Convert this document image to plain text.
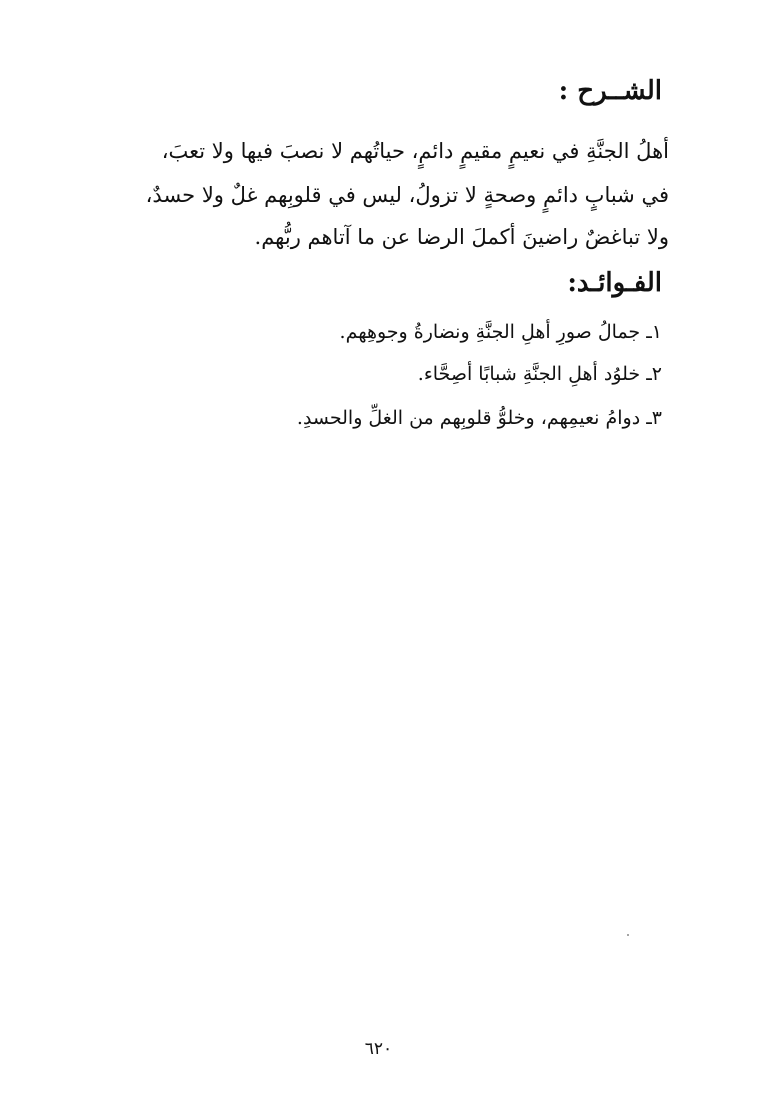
الشــرح :
أهلُ الجنَّةِ في نعيمٍ مقيمٍ دائمٍ، حياتُهم لا نصبَ فيها ولا تعبَ،
في شبابٍ دائمٍ وصحةٍ لا تزولُ، ليس في قلوبِهم غلٌ ولا حسدٌ،
ولا تباغضٌ راضينَ أكملَ الرضا عن ما آتاهم ربُّهم.
الفـوائـد:
١ـ جمالُ صورِ أهلِ الجنَّةِ ونضارةُ وجوهِهم.
٢ـ خلوُد أهلِ الجنَّةِ شبابًا أصِحَّاء.
٣ـ دوامُ نعيمِهم، وخلوُّ قلوبِهم من الغلِّ والحسدِ.
٦٢٠
